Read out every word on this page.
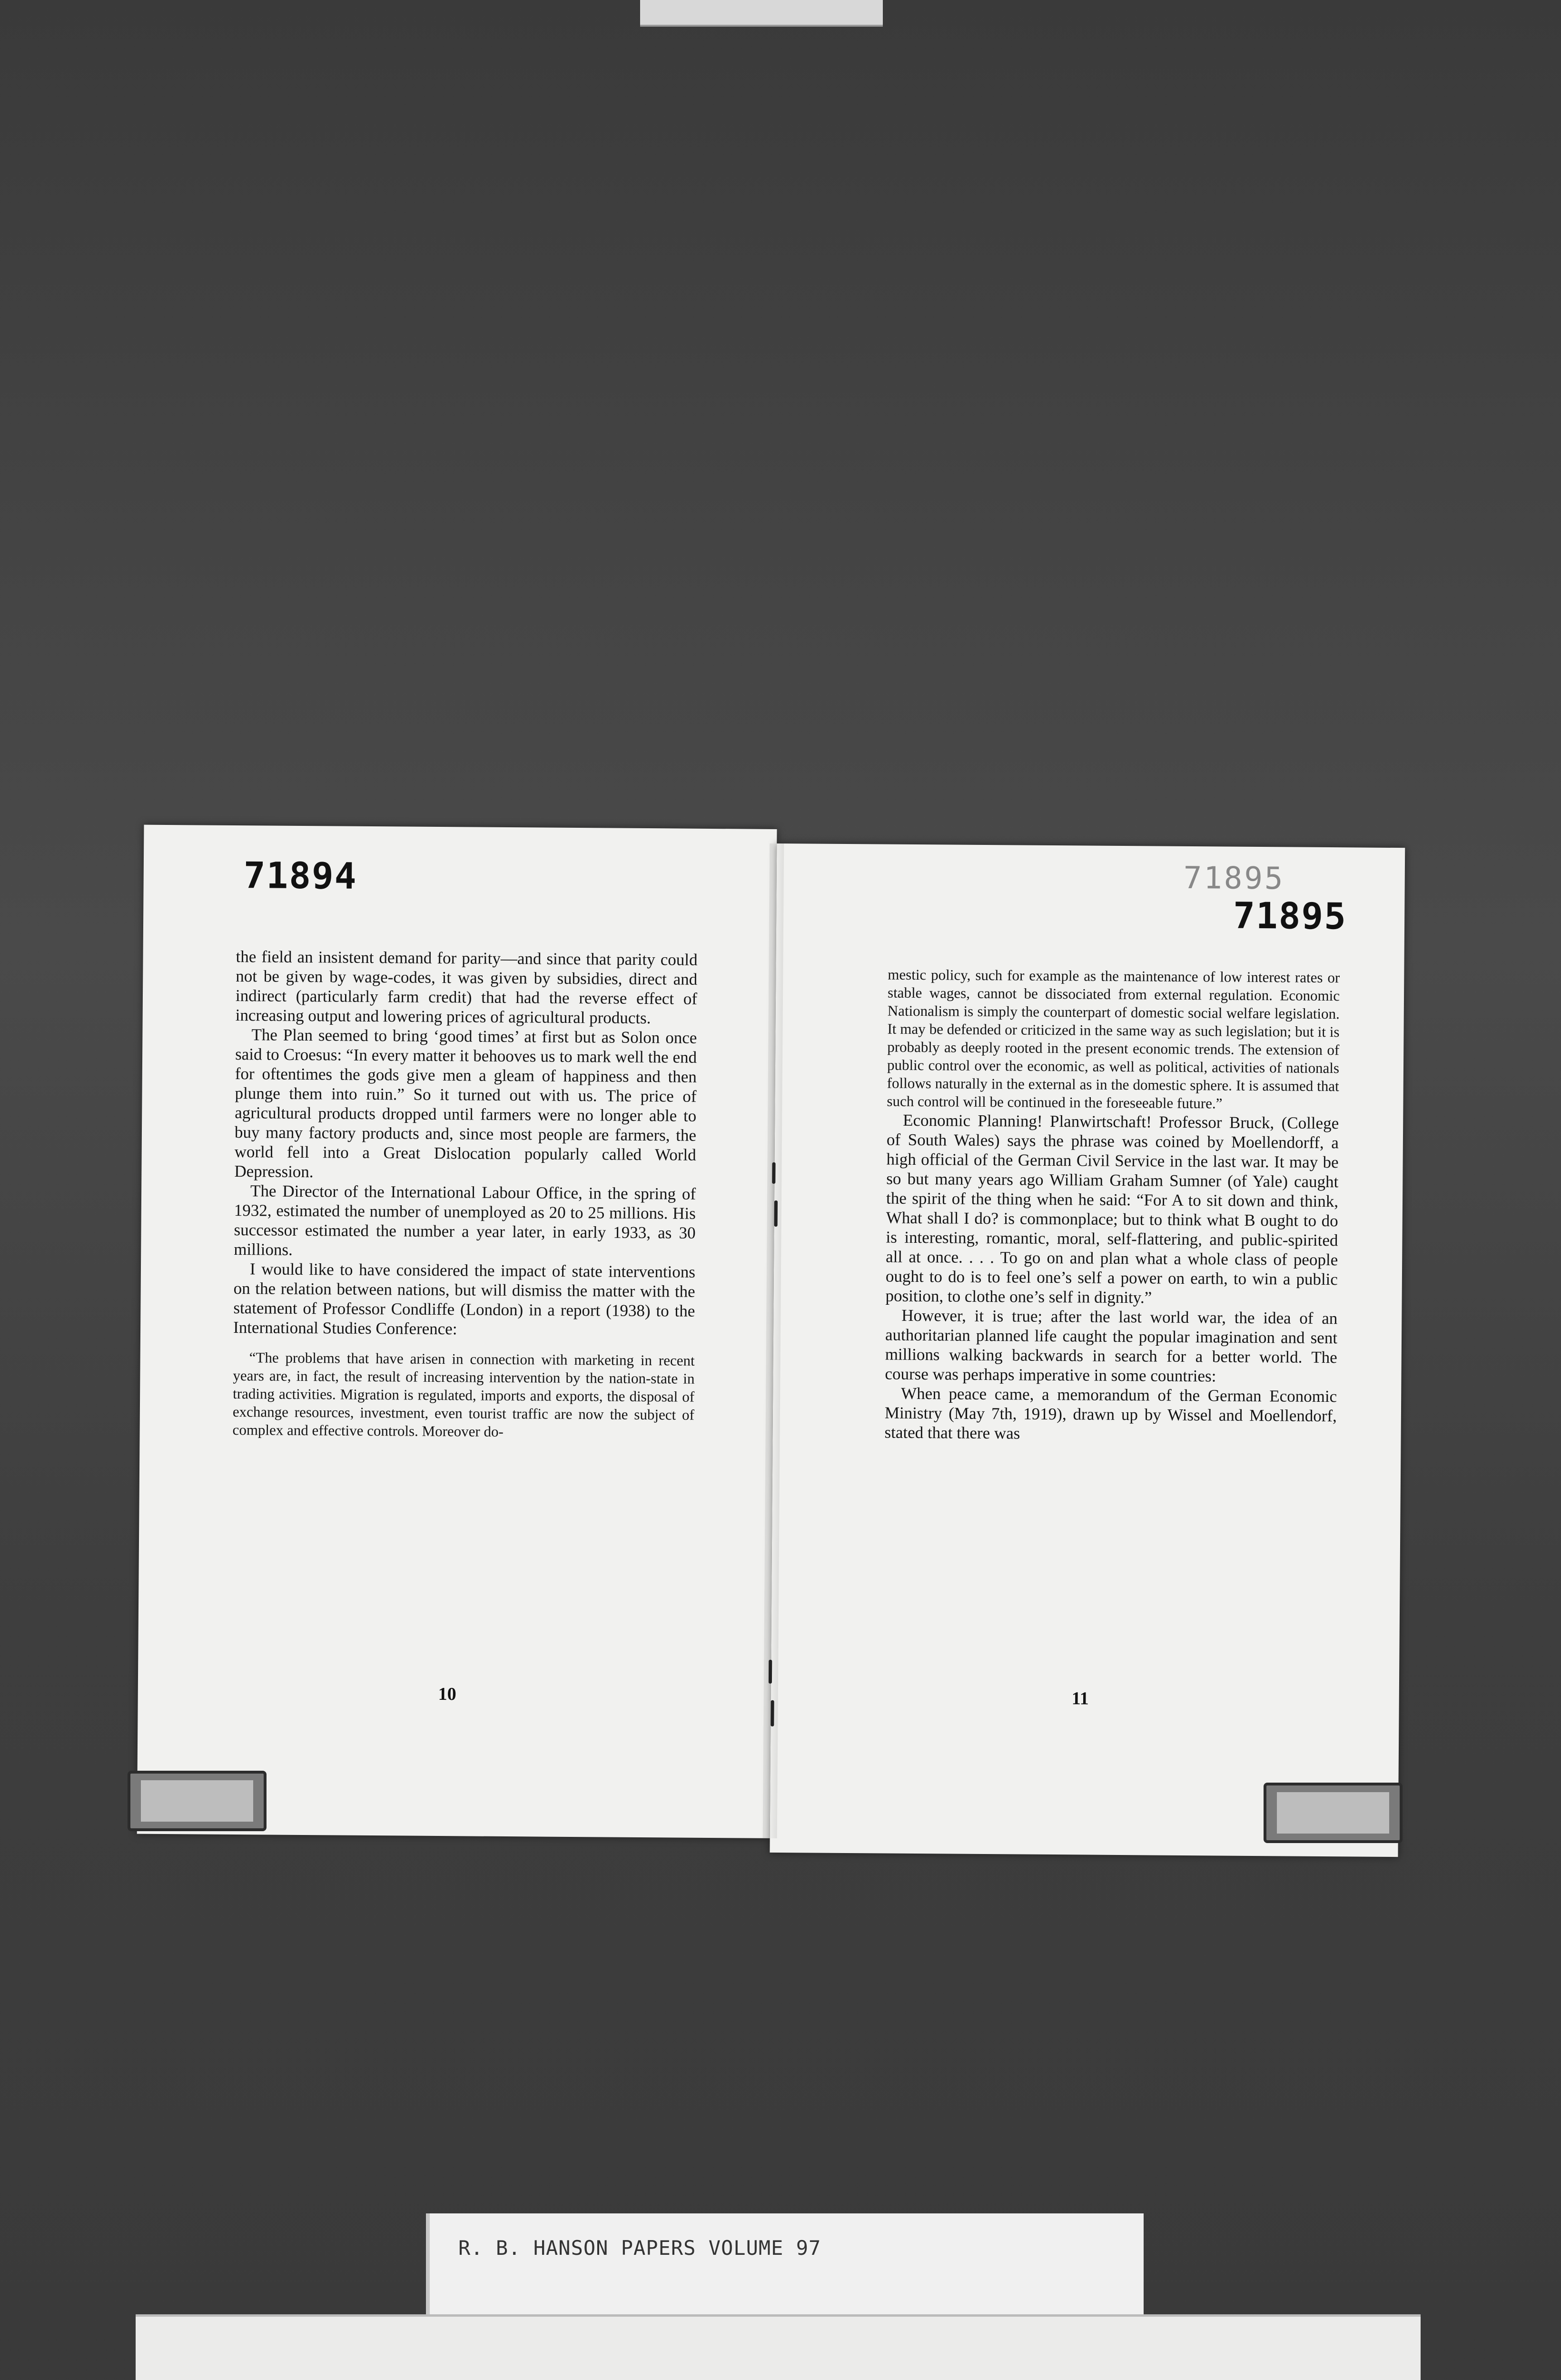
71894

the field an insistent demand for parity—and since that parity could not be given by wage-codes, it was given by subsidies, direct and indirect (particularly farm credit) that had the reverse effect of increasing output and lowering prices of agricultural products.

The Plan seemed to bring ‘good times’ at first but as Solon once said to Croesus: “In every matter it behooves us to mark well the end for oftentimes the gods give men a gleam of happiness and then plunge them into ruin.” So it turned out with us. The price of agricultural products dropped until farmers were no longer able to buy many factory products and, since most people are farmers, the world fell into a Great Dislocation popularly called World Depression.

The Director of the International Labour Office, in the spring of 1932, estimated the number of unemployed as 20 to 25 millions. His successor estimated the number a year later, in early 1933, as 30 millions.

I would like to have considered the impact of state interventions on the relation between nations, but will dismiss the matter with the statement of Professor Condliffe (London) in a report (1938) to the International Studies Conference:

“The problems that have arisen in connection with marketing in recent years are, in fact, the result of increasing intervention by the nation-state in trading activities. Migration is regulated, imports and exports, the disposal of exchange resources, investment, even tourist traffic are now the subject of complex and effective controls. Moreover do-

10
71895
71895

mestic policy, such for example as the maintenance of low interest rates or stable wages, cannot be dissociated from external regulation. Economic Nationalism is simply the counterpart of domestic social welfare legislation. It may be defended or criticized in the same way as such legislation; but it is probably as deeply rooted in the present economic trends. The extension of public control over the economic, as well as political, activities of nationals follows naturally in the external as in the domestic sphere. It is assumed that such control will be continued in the foreseeable future.”

Economic Planning! Planwirtschaft! Professor Bruck, (College of South Wales) says the phrase was coined by Moellendorff, a high official of the German Civil Service in the last war. It may be so but many years ago William Graham Sumner (of Yale) caught the spirit of the thing when he said: “For A to sit down and think, What shall I do? is commonplace; but to think what B ought to do is interesting, romantic, moral, self-flattering, and public-spirited all at once. . . . To go on and plan what a whole class of people ought to do is to feel one’s self a power on earth, to win a public position, to clothe one’s self in dignity.”

However, it is true; after the last world war, the idea of an authoritarian planned life caught the popular imagination and sent millions walking backwards in search for a better world. The course was perhaps imperative in some countries:

When peace came, a memorandum of the German Economic Ministry (May 7th, 1919), drawn up by Wissel and Moellendorf, stated that there was

11
R. B. HANSON PAPERS VOLUME 97
